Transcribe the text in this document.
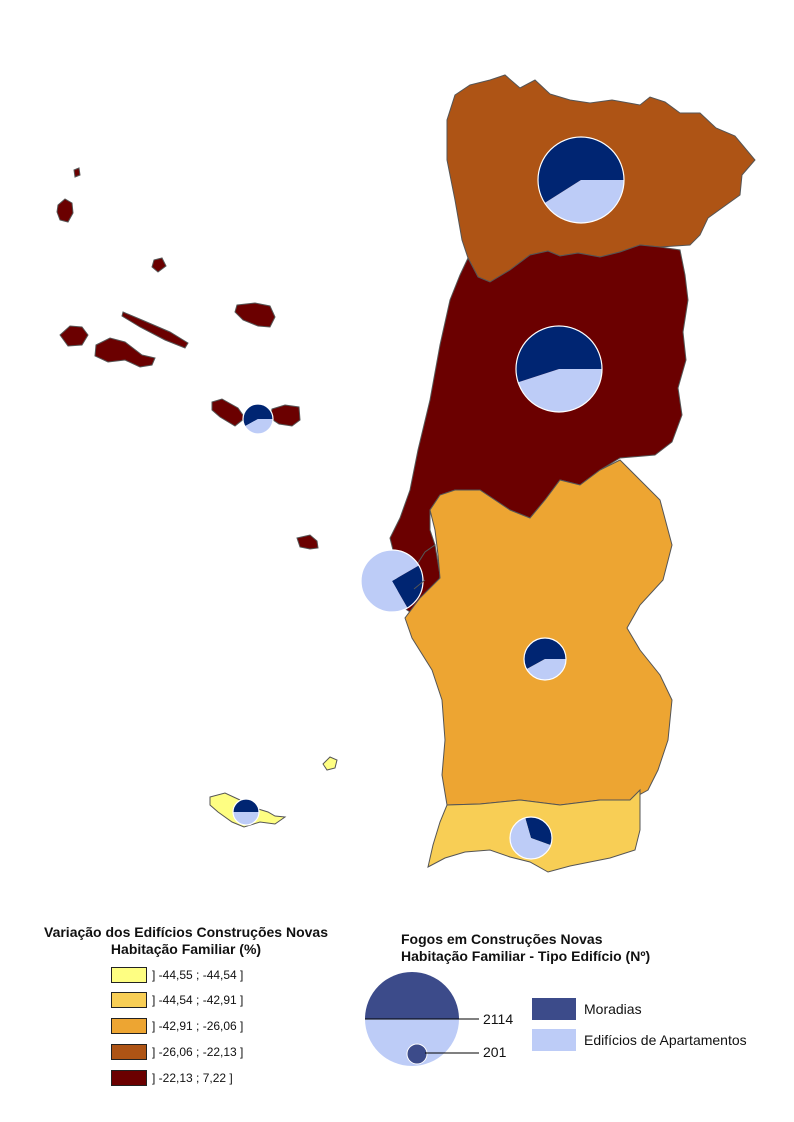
Variação dos Edifícios Construções Novas
Habitação Familiar (%)

] -44,55 ; -44,54 ]
] -44,54 ; -42,91 ]
] -42,91 ; -26,06 ]
] -26,06 ; -22,13 ]
] -22,13 ; 7,22 ]

Fogos em Construções Novas
Habitação Familiar - Tipo Edifício (Nº)

2114
201
Moradias
Edifícios de Apartamentos
